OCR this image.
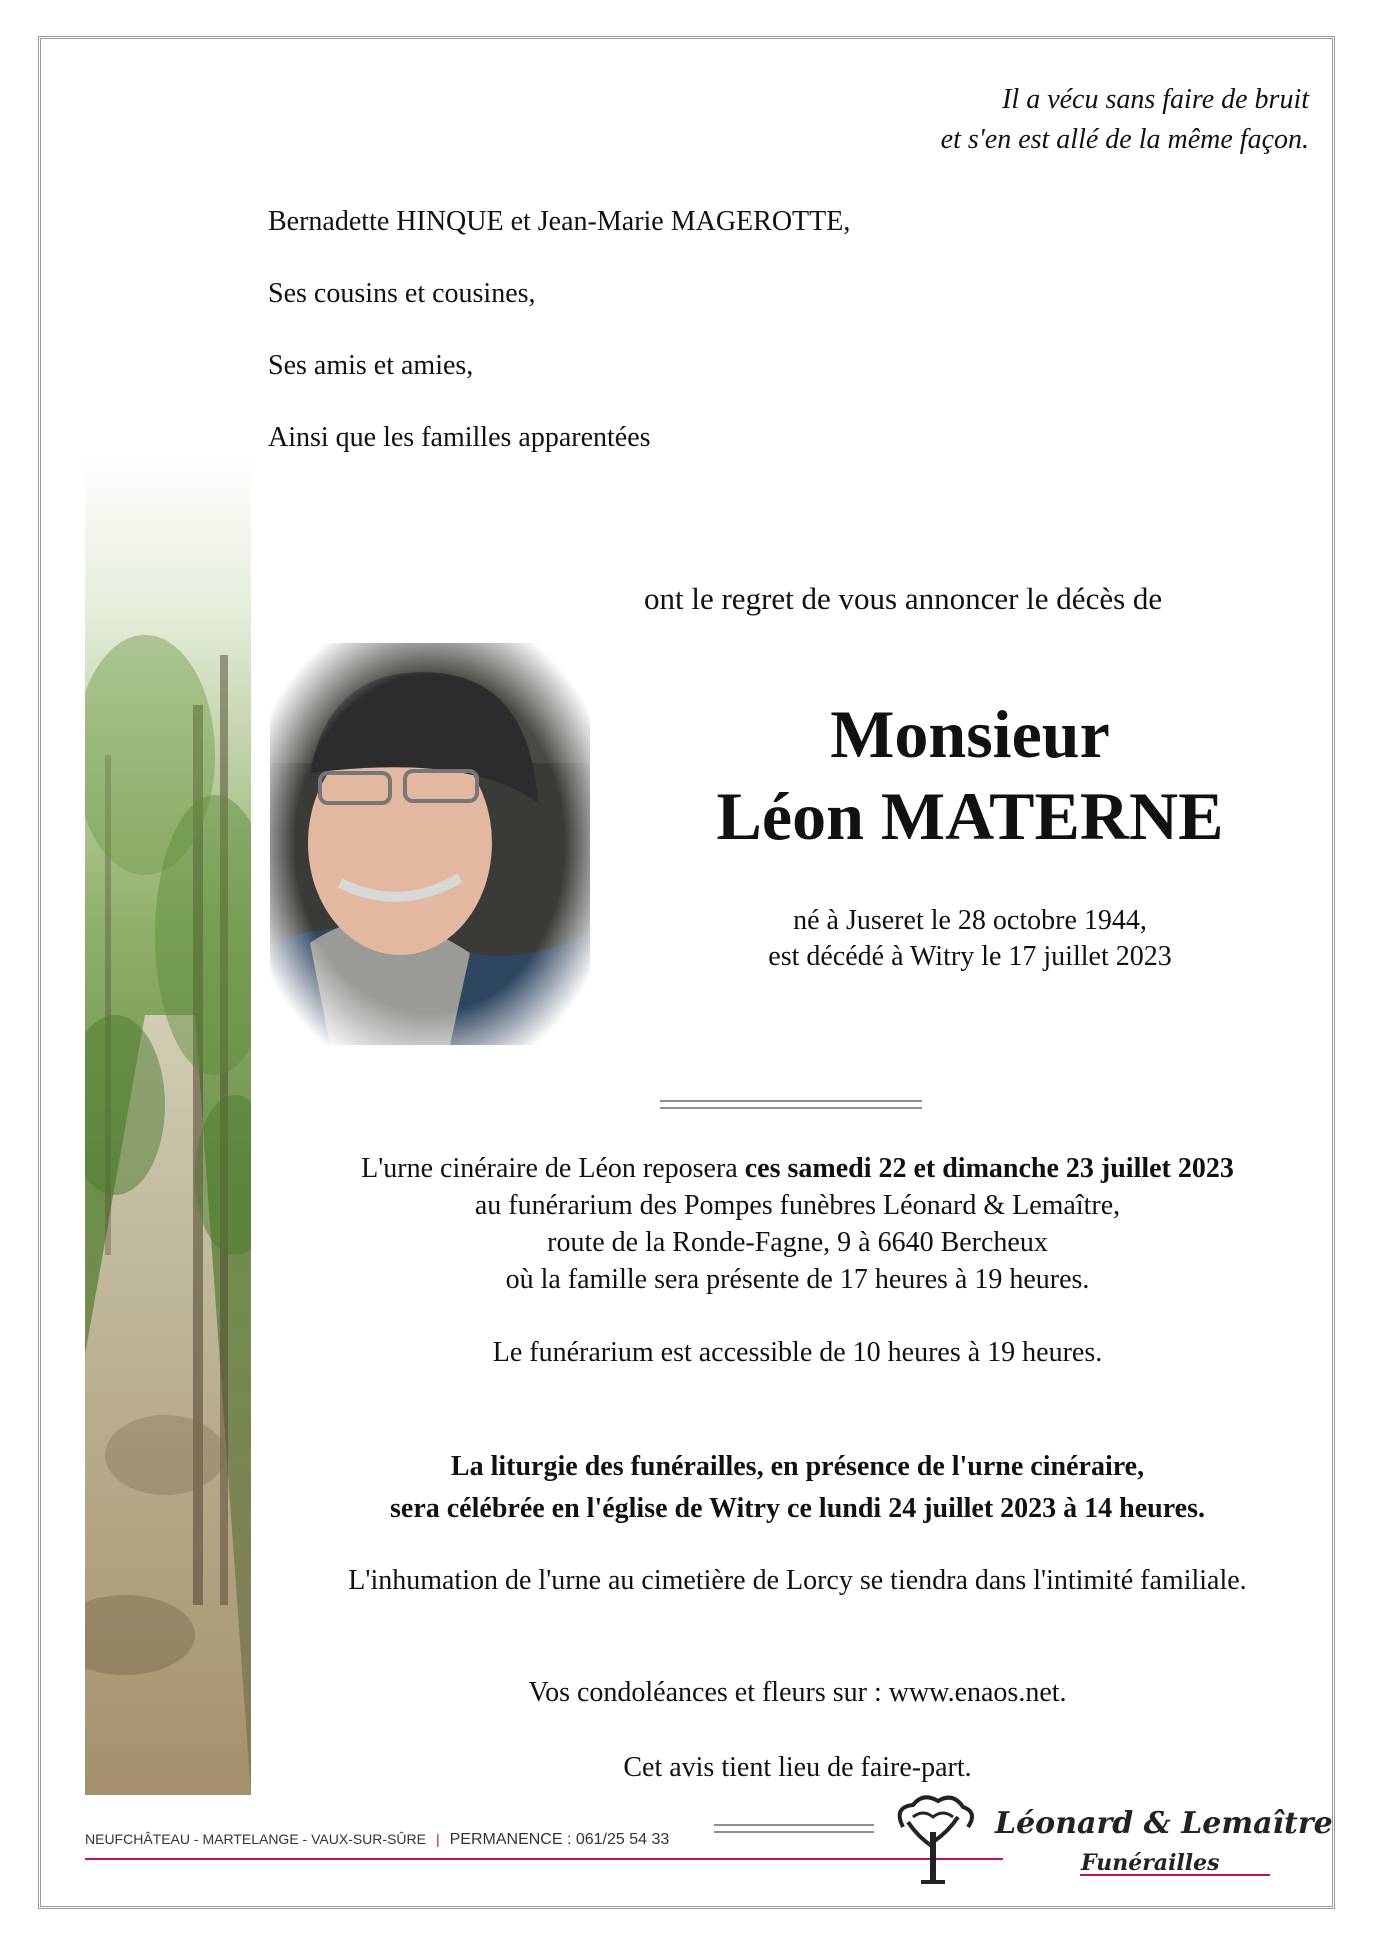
Il a vécu sans faire de bruit
et s'en est allé de la même façon.
Bernadette HINQUE et Jean-Marie MAGEROTTE,
Ses cousins et cousines,
Ses amis et amies,
Ainsi que les familles apparentées
ont le regret de vous annoncer le décès de
Monsieur
Léon MATERNE
né à Juseret le 28 octobre 1944,
est décédé à Witry le 17 juillet 2023
L'urne cinéraire de Léon reposera ces samedi 22 et dimanche 23 juillet 2023
au funérarium des Pompes funèbres Léonard & Lemaître,
route de la Ronde-Fagne, 9 à 6640 Bercheux
où la famille sera présente de 17 heures à 19 heures.
Le funérarium est accessible de 10 heures à 19 heures.
La liturgie des funérailles, en présence de l'urne cinéraire,
sera célébrée en l'église de Witry ce lundi 24 juillet 2023 à 14 heures.
L'inhumation de l'urne au cimetière de Lorcy se tiendra dans l'intimité familiale.
Vos condoléances et fleurs sur : www.enaos.net.
Cet avis tient lieu de faire-part.
NEUFCHÂTEAU - MARTELANGE - VAUX-SUR-SÛRE | PERMANENCE : 061/25 54 33	Léonard & Lemaître
Funérailles
